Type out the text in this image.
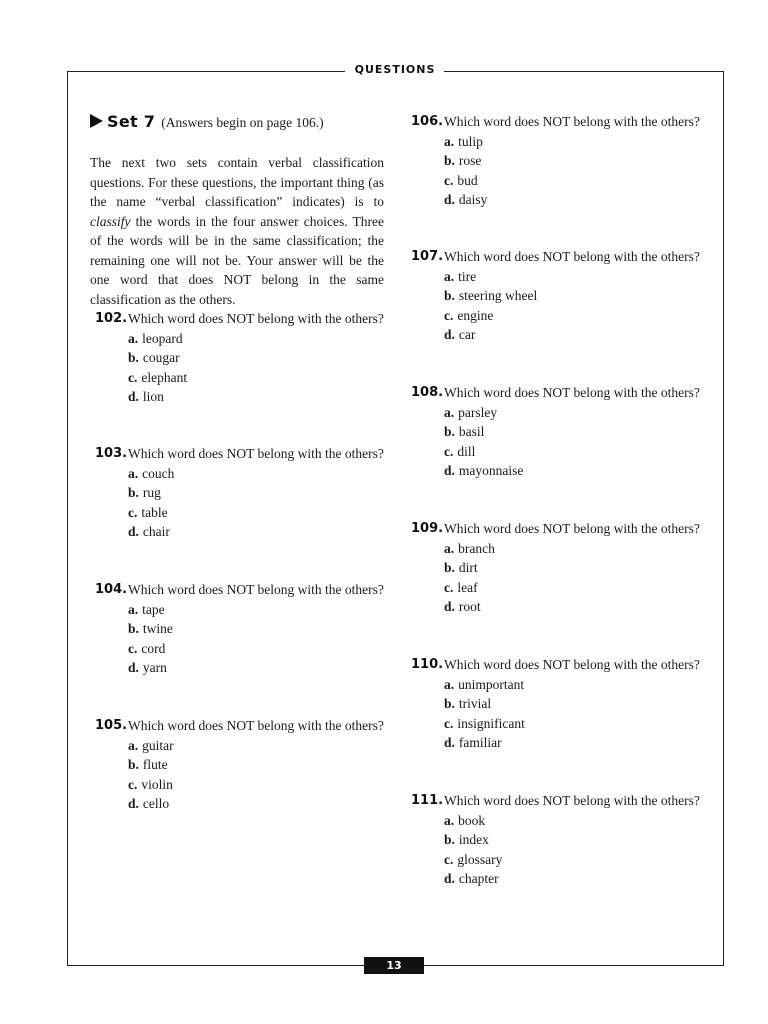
QUESTIONS
Set 7 (Answers begin on page 106.)
The next two sets contain verbal classification questions. For these questions, the important thing (as the name “verbal classification” indicates) is to classify the words in the four answer choices. Three of the words will be in the same classification; the remaining one will not be. Your answer will be the one word that does NOT belong in the same classification as the others.
102. Which word does NOT belong with the others?
a. leopard
b. cougar
c. elephant
d. lion
103. Which word does NOT belong with the others?
a. couch
b. rug
c. table
d. chair
104. Which word does NOT belong with the others?
a. tape
b. twine
c. cord
d. yarn
105. Which word does NOT belong with the others?
a. guitar
b. flute
c. violin
d. cello
106. Which word does NOT belong with the others?
a. tulip
b. rose
c. bud
d. daisy
107. Which word does NOT belong with the others?
a. tire
b. steering wheel
c. engine
d. car
108. Which word does NOT belong with the others?
a. parsley
b. basil
c. dill
d. mayonnaise
109. Which word does NOT belong with the others?
a. branch
b. dirt
c. leaf
d. root
110. Which word does NOT belong with the others?
a. unimportant
b. trivial
c. insignificant
d. familiar
111. Which word does NOT belong with the others?
a. book
b. index
c. glossary
d. chapter
13
